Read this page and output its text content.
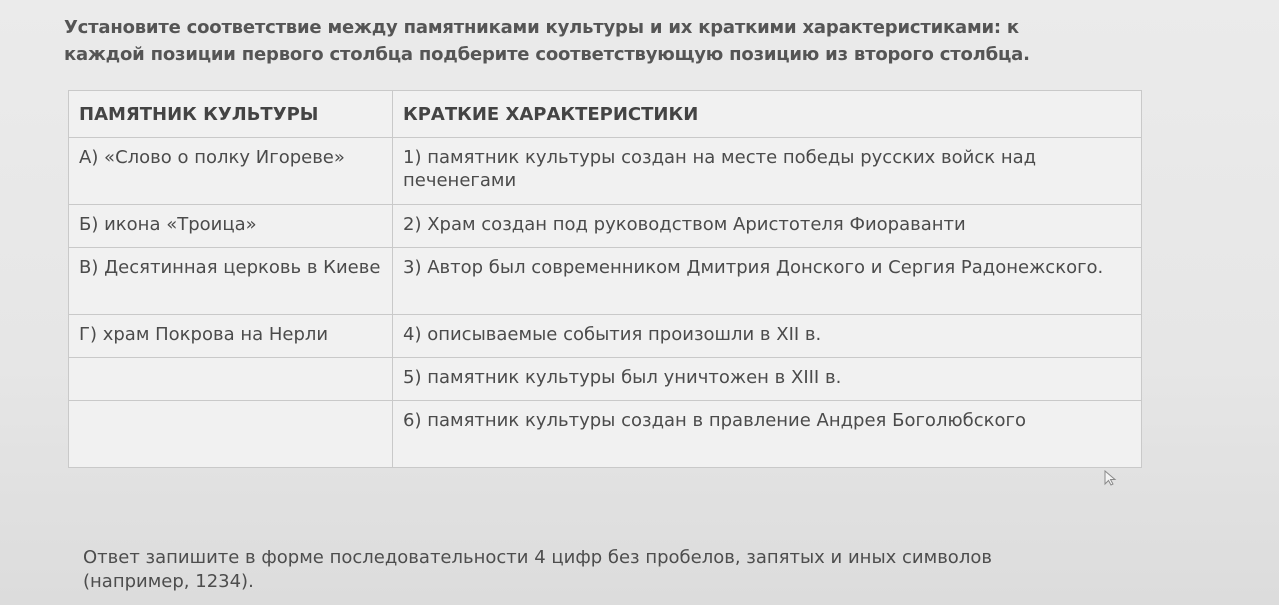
Установите соответствие между памятниками культуры и их краткими характеристиками: к
каждой позиции первого столбца подберите соответствующую позицию из второго столбца.
ПАМЯТНИК КУЛЬТУРЫ	КРАТКИЕ ХАРАКТЕРИСТИКИ
А) «Слово о полку Игореве»	1) памятник культуры создан на месте победы русских войск над печенегами
Б) икона «Троица»	2) Храм создан под руководством Аристотеля Фиораванти
В) Десятинная церковь в Киеве	3) Автор был современником Дмитрия Донского и Сергия Радонежского.
Г) храм Покрова на Нерли	4) описываемые события произошли в XII в.
	5) памятник культуры был уничтожен в XIII в.
	6) памятник культуры создан в правление Андрея Боголюбского
Ответ запишите в форме последовательности 4 цифр без пробелов, запятых и иных символов
(например, 1234).
